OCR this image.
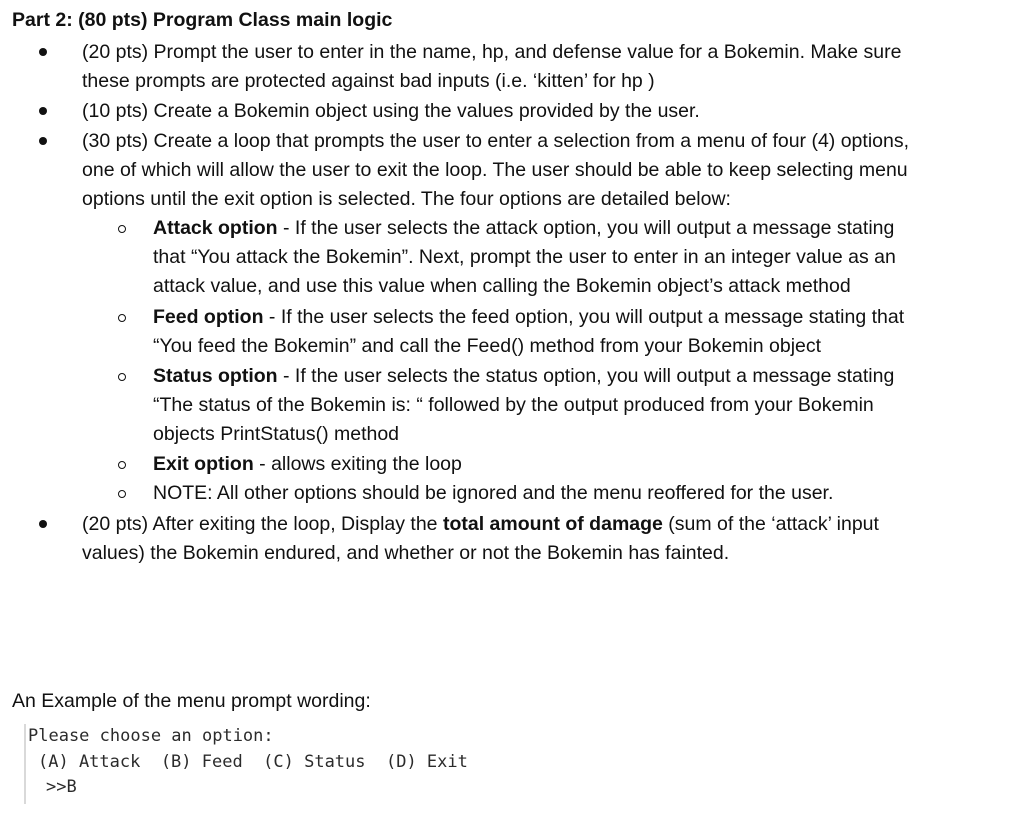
Part 2: (80 pts) Program Class main logic
(20 pts) Prompt the user to enter in the name, hp, and defense value for a Bokemin. Make sure
these prompts are protected against bad inputs (i.e. ‘kitten’ for hp )
(10 pts) Create a Bokemin object using the values provided by the user.
(30 pts) Create a loop that prompts the user to enter a selection from a menu of four (4) options,
one of which will allow the user to exit the loop. The user should be able to keep selecting menu
options until the exit option is selected. The four options are detailed below:
Attack option - If the user selects the attack option, you will output a message stating
that “You attack the Bokemin”. Next, prompt the user to enter in an integer value as an
attack value, and use this value when calling the Bokemin object’s attack method
Feed option - If the user selects the feed option, you will output a message stating that
“You feed the Bokemin” and call the Feed() method from your Bokemin object
Status option - If the user selects the status option, you will output a message stating
“The status of the Bokemin is: “ followed by the output produced from your Bokemin
objects PrintStatus() method
Exit option - allows exiting the loop
NOTE: All other options should be ignored and the menu reoffered for the user.
(20 pts) After exiting the loop, Display the total amount of damage (sum of the ‘attack’ input
values) the Bokemin endured, and whether or not the Bokemin has fainted.
An Example of the menu prompt wording:
Please choose an option:
(A) Attack  (B) Feed  (C) Status  (D) Exit
>>B
